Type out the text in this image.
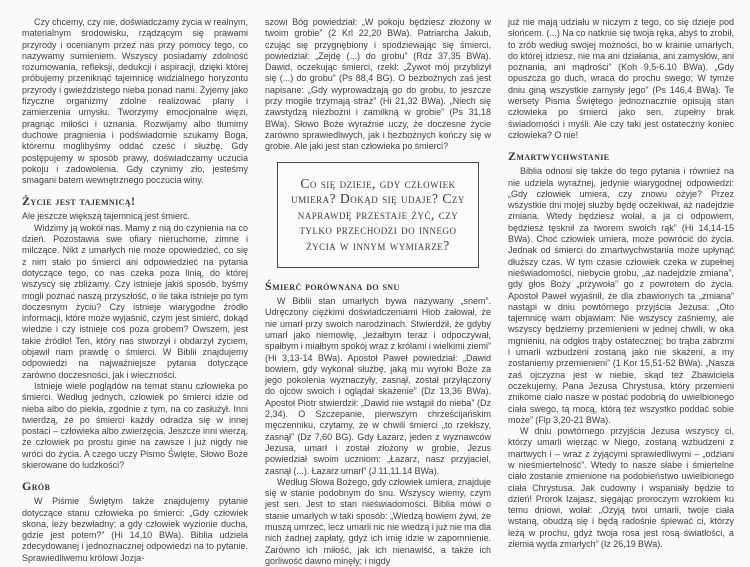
Czy chcemy, czy nie, doświadczamy życia w realnym, materialnym środowisku, rządzącym się prawami przyrody i ocenianym przez nas przy pomocy tego, co nazywamy sumieniem. Wszyscy posiadamy zdolność rozumowania, refleksji, dedukcji i aspiracji, dzięki której próbujemy przeniknąć tajemnicę widzialnego horyzontu przyrody i gwieździstego nieba ponad nami. Żyjemy jako fizyczne organizmy zdolne realizować plany i zamierzenia umysłu. Tworzymy emocjonalne więzi, pragnąc miłości i uznania. Rozwijamy albo tłumimy duchowe pragnienia i podświadomie szukamy Boga, któremu moglibyśmy oddać cześć i służbę. Gdy postępujemy w sposób prawy, doświadczamy uczucia pokoju i zadowolenia. Gdy czynimy zło, jesteśmy smagani batem wewnętrznego poczucia winy.

Życie jest tajemnicą!

Ale jeszcze większą tajemnicą jest śmierć.

Widzimy ją wokół nas. Mamy z nią do czynienia na co dzień. Pozostawia swe ofiary nieruchome, zimne i milczące. Nikt z umarłych nie może opowiedzieć, co się z nim stało po śmierci ani odpowiedzieć na pytania dotyczące tego, co nas czeka poza linią, do której wszyscy się zbliżamy. Czy istnieje jakiś sposób, byśmy mogli poznać naszą przyszłość, o ile taka istnieje po tym doczesnym życiu? Czy istnieje wiarygodne źródło informacji, które może wyjaśnić, czym jest śmierć, dokąd wiedzie i czy istnieje coś poza grobem? Owszem, jest takie źródło! Ten, który nas stworzył i obdarzył życiem, objawił nam prawdę o śmierci. W Biblii znajdujemy odpowiedzi na najważniejsze pytania dotyczące zarówno doczesności, jak i wieczności.

Istnieje wiele poglądów na temat stanu człowieka po śmierci. Według jednych, człowiek po śmierci idzie od nieba albo do piekła, zgodnie z tym, na co zasłużył. Inni twierdzą, że po śmierci każdy odradza się w innej postaci – człowieka albo zwierzęcia. Jeszcze inni wierzą, że człowiek po prostu ginie na zawsze i już nigdy nie wróci do życia. A czego uczy Pismo Święte, Słowo Boże skierowane do ludzkości?

Grób

W Piśmie Świętym także znajdujemy pytanie dotyczące stanu człowieka po śmierci: „Gdy człowiek skona, leży bezwładny; a gdy człowiek wyzionie ducha, gdzie jest potem?” (Hi 14,10 BWa). Biblia udziela zdecydowanej i jednoznacznej odpowiedzi na to pytanie. Sprawiedliwemu królowi Jozja-

szowi Bóg powiedział: „W pokoju będziesz złożony w twoim grobie” (2 Krl 22,20 BWa). Patriarcha Jakub, czując się przygnębiony i spodziewając się śmierci, powiedział: „Zejdę (...) do grobu” (Rdz 37,35 BWa). Dawid, oczekując śmierci, rzekł: „Żywot mój przybliżył się (...) do grobu” (Ps 88,4 BG). O bezbożnych zaś jest napisane: „Gdy wyprowadzają go do grobu, to jeszcze przy mogile trzymają straż” (Hi 21,32 BWa). „Niech się zawstydzą niezbożni i zamilkną w grobie” (Ps 31,18 BWa). Słowo Boże wyraźnie uczy, że doczesne życie zarówno sprawiedliwych, jak i bezbożnych kończy się w grobie. Ale jaki jest stan człowieka po śmierci?

Co się dzieje, gdy człowiek umiera? Dokąd się udaje? Czy naprawdę przestaje żyć, czy tylko przechodzi do innego życia w innym wymiarze?
Śmierć porównana do snu

W Biblii stan umarłych bywa nazywany „snem”. Udręczony ciężkimi doświadczeniami Hiob żałował, że nie umarł przy swoich narodzinach. Stwierdził, że gdyby umarł jako niemowlę, „leżałbym teraz i odpoczywał, spałbym i miałbym spokój wraz z królami i wielkimi ziemi” (Hi 3,13-14 BWa). Apostoł Paweł powiedział: „Dawid bowiem, gdy wykonał służbę, jaką mu wyroki Boże za jego pokolenia wyznaczyły, zasnął, został przyłączony do ojców swoich i oglądał skażenie” (Dz 13,36 BWa). Apostoł Piotr stwierdził: „Dawid nie wstąpił do nieba” (Dz 2,34). O Szczepanie, pierwszym chrześcijańskim męczenniku, czytamy, że w chwili śmierci „to rzekłszy, zasnął” (Dz 7,60 BG). Gdy Łazarz, jeden z wyznawców Jezusa, umarł i został złożony w grobie, Jezus powiedział swoim uczniom: „Łazarz, nasz przyjaciel, zasnął (...). Łazarz umarł” (J 11,11.14 BWa).

Według Słowa Bożego, gdy człowiek umiera, znajduje się w stanie podobnym do snu. Wszyscy wiemy, czym jest sen. Jest to stan nieświadomości. Biblia mówi o stanie umarłych w taki sposób: „Wiedzą bowiem żywi, że muszą umrzeć, lecz umarli nic nie wiedzą i już nie ma dla nich żadnej zapłaty, gdyż ich imię idzie w zapomnienie. Zarówno ich miłość, jak ich nienawiść, a także ich gorliwość dawno minęły; i nigdy

już nie mają udziału w niczym z tego, co się dzieje pod słońcem. (...) Na co natknie się twoja ręka, abyś to zrobił, to zrób według swojej możności, bo w krainie umarłych, do której idziesz, nie ma ani działania, ani zamysłów, ani poznania, ani mądrości” (Koh 9,5-6.10 BWa). „Gdy opuszcza go duch, wraca do prochu swego; W tymże dniu giną wszystkie zamysły jego” (Ps 146,4 BWa). Te wersety Pisma Świętego jednoznacznie opisują stan człowieka po śmierci jako sen, zupełny brak świadomości i myśli. Ale czy taki jest ostateczny koniec człowieka? O nie!

Zmartwychwstanie

Biblia odnosi się także do tego pytania i również na nie udziela wyraźnej, jedynie wiarygodnej odpowiedzi: „Gdy człowiek umiera, czy znowu ożyje? Przez wszystkie dni mojej służby będę oczekiwał, aż nadejdzie zmiana. Wtedy będziesz wołał, a ja ci odpowiem, będziesz tęsknił za tworem swoich rąk” (Hi 14,14-15 BWa). Choć człowiek umiera, może powrócić do życia. Jednak od śmierci do zmartwychwstania może upłynąć dłuższy czas. W tym czasie człowiek czeka w zupełnej nieświadomości, niebycie grobu, „aż nadejdzie zmiana”, gdy głos Boży „przywoła” go z powrotem do życia. Apostoł Paweł wyjaśnił, że dla zbawionych ta „zmiana” nastąpi w dniu powtórnego przyjścia Jezusa: „Oto tajemnicę wam objawiam: Nie wszyscy zaśniemy, ale wszyscy będziemy przemienieni w jednej chwili, w oka mgnieniu, na odgłos trąby ostatecznej; bo trąba zabrzmi i umarli wzbudzeni zostaną jako nie skażeni, a my zostaniemy przemienieni” (1 Kor 15,51-52 BWa). „Nasza zaś ojczyzna jest w niebie, skąd też Zbawiciela oczekujemy, Pana Jezusa Chrystusa, który przemieni znikome ciało nasze w postać podobną do uwielbionego ciała swego, tą mocą, którą też wszystko poddać sobie może” (Flp 3,20-21 BWa).

W dniu powtórnego przyjścia Jezusa wszyscy ci, którzy umarli wierząc w Niego, zostaną wzbudzeni z martwych i – wraz z żyjącymi sprawiedliwymi – „odziani w nieśmiertelność”. Wtedy to nasze słabe i śmiertelne ciało zostanie zmienione na podobieństwo uwielbionego ciała Chrystusa. Jak cudowny i wspaniały będzie to dzień! Prorok Izajasz, sięgając proroczym wzrokiem ku temu dniowi, wołał: „Ożyją twoi umarli, twoje ciała wstaną, obudzą się i będą radośnie śpiewać ci, którzy leżą w prochu, gdyż twoja rosa jest rosą światłości, a ziemia wyda zmarłych” (Iz 26,19 BWa).
